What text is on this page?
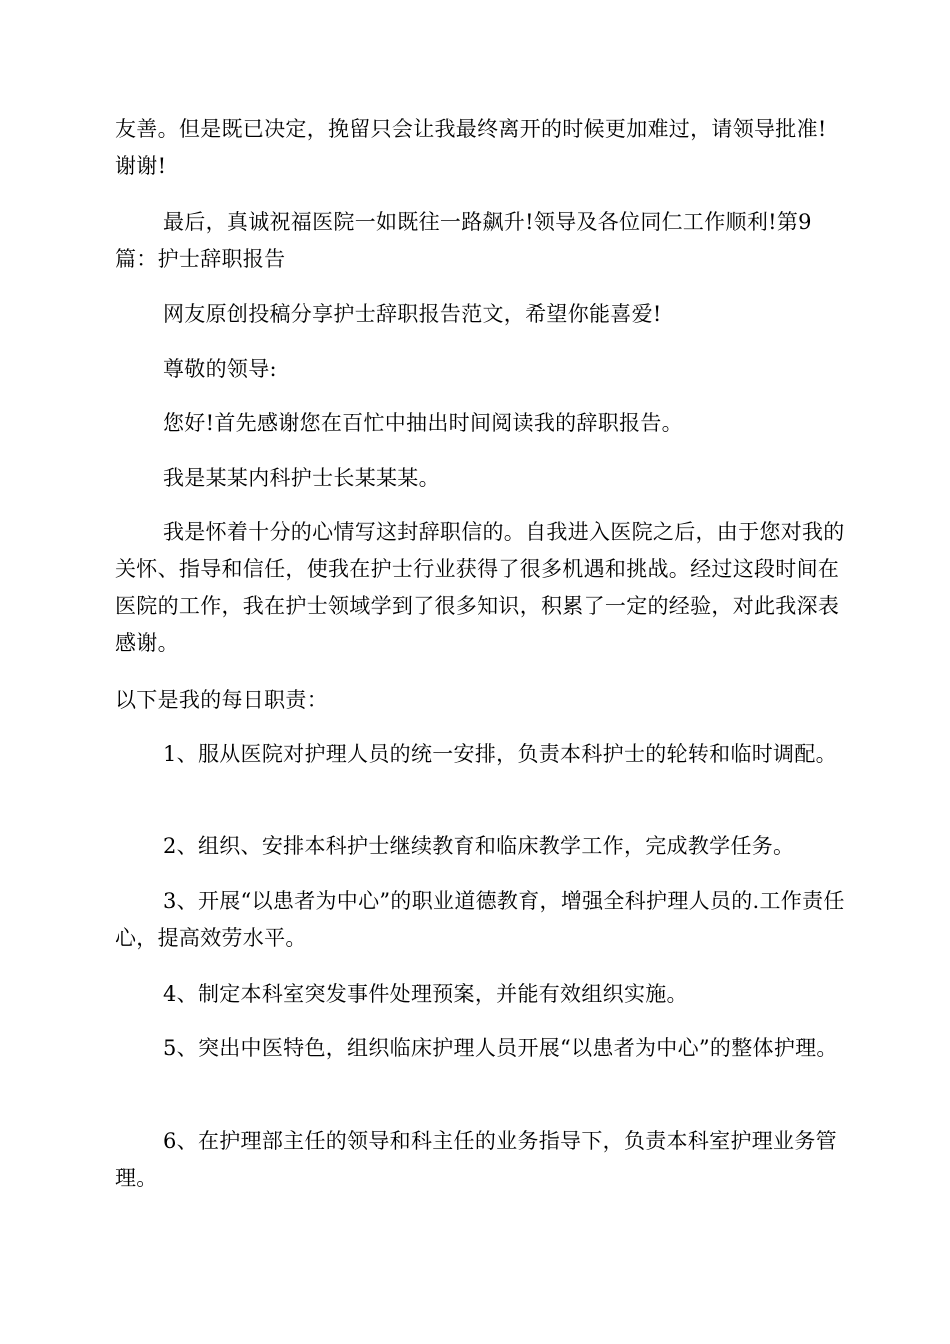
友善。但是既已决定，挽留只会让我最终离开的时候更加难过，请领导批准!谢谢!

最后，真诚祝福医院一如既往一路飙升!领导及各位同仁工作顺利!第9篇：护士辞职报告

网友原创投稿分享护士辞职报告范文，希望你能喜爱!

尊敬的领导:

您好!首先感谢您在百忙中抽出时间阅读我的辞职报告。

我是某某内科护士长某某某。

我是怀着十分的心情写这封辞职信的。自我进入医院之后，由于您对我的关怀、指导和信任，使我在护士行业获得了很多机遇和挑战。经过这段时间在医院的工作，我在护士领域学到了很多知识，积累了一定的经验，对此我深表感谢。

以下是我的每日职责：

1、服从医院对护理人员的统一安排，负责本科护士的轮转和临时调配。

2、组织、安排本科护士继续教育和临床教学工作，完成教学任务。

3、开展“以患者为中心”的职业道德教育，增强全科护理人员的.工作责任心，提高效劳水平。

4、制定本科室突发事件处理预案，并能有效组织实施。

5、突出中医特色，组织临床护理人员开展“以患者为中心”的整体护理。

6、在护理部主任的领导和科主任的业务指导下，负责本科室护理业务管理。
